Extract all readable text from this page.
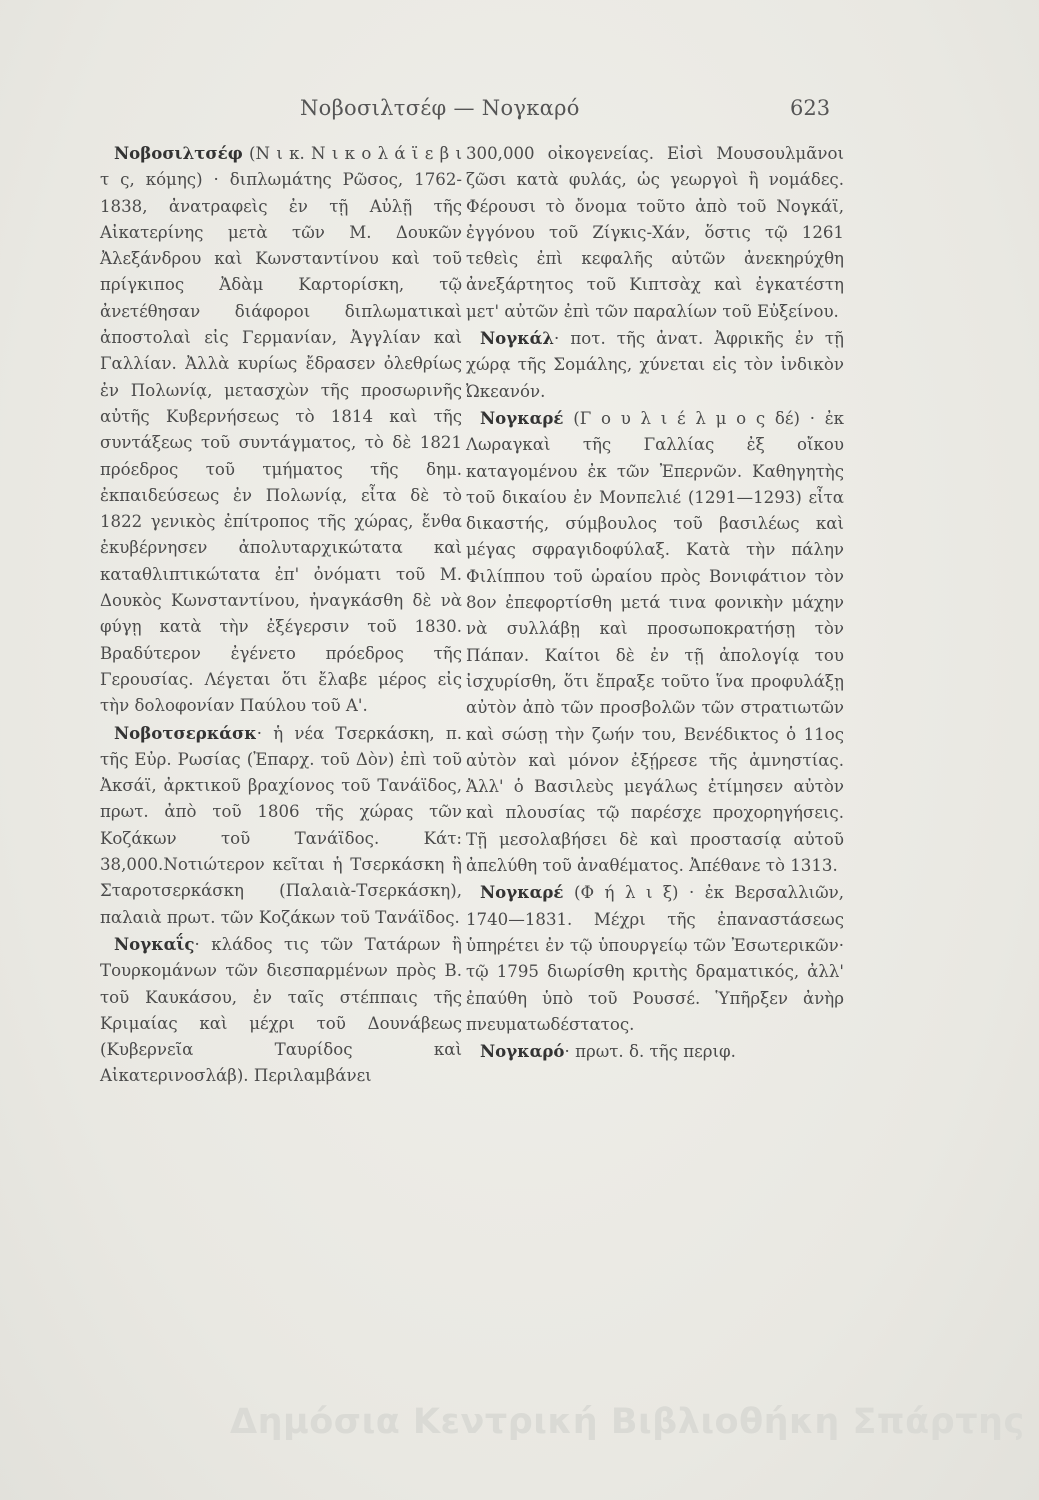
Νοβοσιλτσέφ — Νογκαρό	623

Νοβοσιλτσέφ (Ν ι κ. Ν ι κ ο λ ά ϊ ε β ι τ ς, κόμης) · διπλωμάτης Ρῶσος, 1762-1838, ἀνατραφεὶς ἐν τῇ Αὐλῇ τῆς Αἰκατερίνης μετὰ τῶν Μ. Δουκῶν Ἀλεξάνδρου καὶ Κωνσταντίνου καὶ τοῦ πρίγκιπος Ἀδὰμ Καρτορίσκη, τῷ ἀνετέθησαν διάφοροι διπλωματικαὶ ἀποστολαὶ εἰς Γερμανίαν, Ἀγγλίαν καὶ Γαλλίαν. Ἀλλὰ κυρίως ἔδρασεν ὀλεθρίως ἐν Πολωνίᾳ, μετασχὼν τῆς προσωρινῆς αὐτῆς Κυβερνήσεως τὸ 1814 καὶ τῆς συντάξεως τοῦ συντάγματος, τὸ δὲ 1821 πρόεδρος τοῦ τμήματος τῆς δημ. ἐκπαιδεύσεως ἐν Πολωνίᾳ, εἶτα δὲ τὸ 1822 γενικὸς ἐπίτροπος τῆς χώρας, ἔνθα ἐκυβέρνησεν ἀπολυταρχικώτατα καὶ καταθλιπτικώτατα ἐπ' ὀνόματι τοῦ Μ. Δουκὸς Κωνσταντίνου, ἠναγκάσθη δὲ νὰ φύγῃ κατὰ τὴν ἐξέγερσιν τοῦ 1830. Βραδύτερον ἐγένετο πρόεδρος τῆς Γερουσίας. Λέγεται ὅτι ἔλαβε μέρος εἰς τὴν δολοφονίαν Παύλου τοῦ Α'.

Νοβοτσερκάσκ· ἡ νέα Τσερκάσκη, π. τῆς Εὐρ. Ρωσίας (Ἐπαρχ. τοῦ Δὸν) ἐπὶ τοῦ Ἀκσάϊ, ἀρκτικοῦ βραχίονος τοῦ Τανάϊδος, πρωτ. ἀπὸ τοῦ 1806 τῆς χώρας τῶν Κοζάκων τοῦ Τανάϊδος. Κάτ: 38,000.Νοτιώτερον κεῖται ἡ Τσερκάσκη ἢ Σταροτσερκάσκη (Παλαιὰ-Τσερκάσκη), παλαιὰ πρωτ. τῶν Κοζάκων τοῦ Τανάϊδος.

Νογκαΐς· κλάδος τις τῶν Τατάρων ἢ Τουρκομάνων τῶν διεσπαρμένων πρὸς Β. τοῦ Καυκάσου, ἐν ταῖς στέππαις τῆς Κριμαίας καὶ μέχρι τοῦ Δουνάβεως (Κυβερνεῖα Ταυρίδος καὶ Αἰκατερινοσλάβ). Περιλαμβάνει

300,000 οἰκογενείας. Εἰσὶ Μουσουλμᾶνοι ζῶσι κατὰ φυλάς, ὡς γεωργοὶ ἢ νομάδες. Φέρουσι τὸ ὄνομα τοῦτο ἀπὸ τοῦ Νογκάϊ, ἐγγόνου τοῦ Ζίγκις-Χάν, ὅστις τῷ 1261 τεθεὶς ἐπὶ κεφαλῆς αὐτῶν ἀνεκηρύχθη ἀνεξάρτητος τοῦ Κιπτσὰχ καὶ ἐγκατέστη μετ' αὐτῶν ἐπὶ τῶν παραλίων τοῦ Εὐξείνου.

Νογκάλ· ποτ. τῆς ἀνατ. Ἀφρικῆς ἐν τῇ χώρᾳ τῆς Σομάλης, χύνεται εἰς τὸν ἰνδικὸν Ὠκεανόν.

Νογκαρέ (Γ ο υ λ ι έ λ μ ο ς δέ) · ἐκ Λωραγκαὶ τῆς Γαλλίας ἐξ οἴκου καταγομένου ἐκ τῶν Ἐπερνῶν. Καθηγητὴς τοῦ δικαίου ἐν Μονπελιέ (1291—1293) εἶτα δικαστής, σύμβουλος τοῦ βασιλέως καὶ μέγας σφραγιδοφύλαξ. Κατὰ τὴν πάλην Φιλίππου τοῦ ὡραίου πρὸς Βονιφάτιον τὸν 8ον ἐπεφορτίσθη μετά τινα φονικὴν μάχην νὰ συλλάβῃ καὶ προσωποκρατήσῃ τὸν Πάπαν. Καίτοι δὲ ἐν τῇ ἀπολογίᾳ του ἰσχυρίσθη, ὅτι ἔπραξε τοῦτο ἵνα προφυλάξῃ αὐτὸν ἀπὸ τῶν προσβολῶν τῶν στρατιωτῶν καὶ σώσῃ τὴν ζωήν του, Βενέδικτος ὁ 11ος αὐτὸν καὶ μόνον ἐξῄρεσε τῆς ἀμνηστίας. Ἀλλ' ὁ Βασιλεὺς μεγάλως ἐτίμησεν αὐτὸν καὶ πλουσίας τῷ παρέσχε προχορηγήσεις. Τῇ μεσολαβήσει δὲ καὶ προστασίᾳ αὐτοῦ ἀπελύθη τοῦ ἀναθέματος. Ἀπέθανε τὸ 1313.

Νογκαρέ (Φ ή λ ι ξ) · ἐκ Βερσαλλιῶν, 1740—1831. Μέχρι τῆς ἐπαναστάσεως ὑπηρέτει ἐν τῷ ὑπουργείῳ τῶν Ἐσωτερικῶν· τῷ 1795 διωρίσθη κριτὴς δραματικός, ἀλλ' ἐπαύθη ὑπὸ τοῦ Ρουσσέ. Ὑπῆρξεν ἀνὴρ πνευματωδέστατος.

Νογκαρό· πρωτ. δ. τῆς περιφ.

Δημόσια Κεντρική Βιβλιοθήκη Σπάρτης
